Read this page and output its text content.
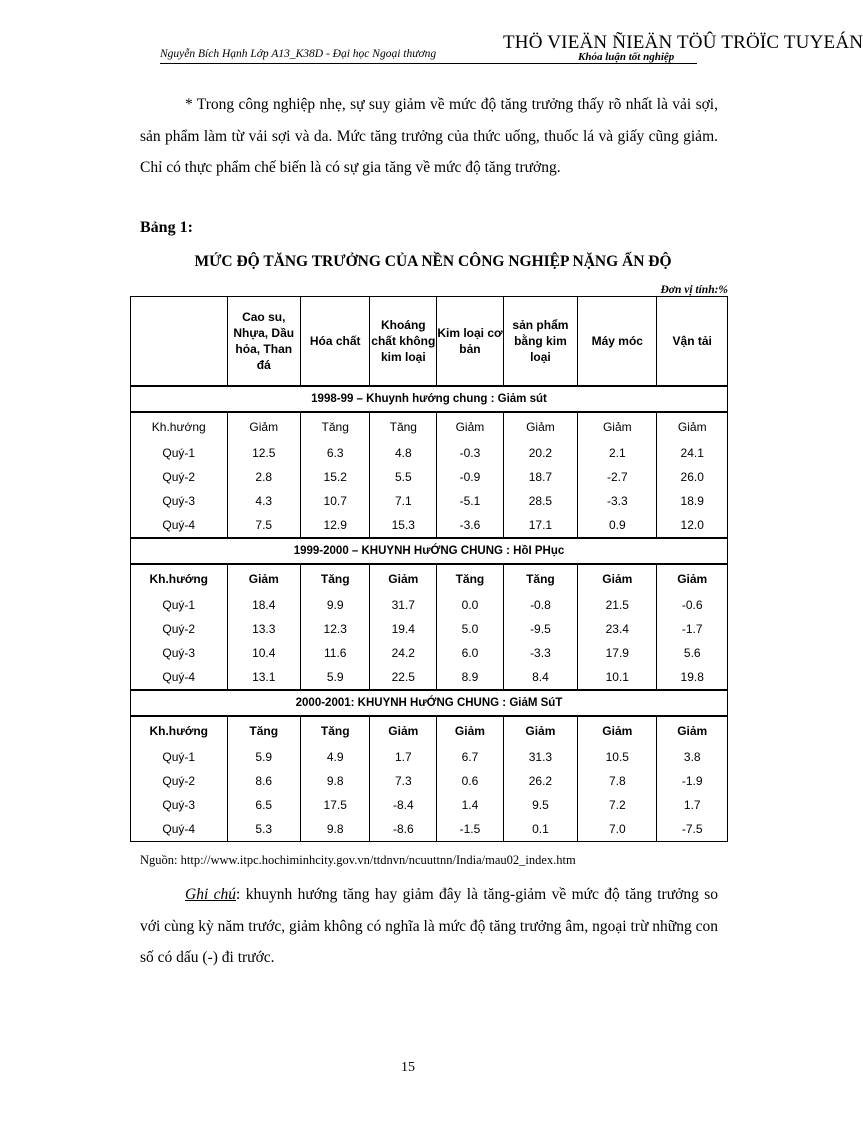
Nguyễn Bích Hạnh Lớp A13_K38D - Đại học Ngoại thương
THÖ VIEÄN ÑIEÄN TÖÛ TRÖÏC TUYEÁN
Khóa luận tốt nghiệp
* Trong công nghiệp nhẹ, sự suy giảm về mức độ tăng trưởng thấy rõ nhất là vải sợi, sản phẩm làm từ vải sợi và da. Mức tăng trưởng của thức uống, thuốc lá và giấy cũng giảm. Chỉ có thực phẩm chế biến là có sự gia tăng về mức độ tăng trưởng.
Bảng 1:
MỨC ĐỘ TĂNG TRƯỞNG CỦA NỀN CÔNG NGHIỆP NẶNG ẤN ĐỘ
Đơn vị tính:%
	Cao su, Nhựa, Dầu hỏa, Than đá	Hóa chất	Khoáng chất không kim loại	Kim loại cơ bản	sản phẩm bằng kim loại	Máy móc	Vận tải
1998-99 – Khuynh hướng chung : Giảm sút							
Kh.hướng	Giảm	Tăng	Tăng	Giảm	Giảm	Giảm	Giảm
Quý-1	12.5	6.3	4.8	-0.3	20.2	2.1	24.1
Quý-2	2.8	15.2	5.5	-0.9	18.7	-2.7	26.0
Quý-3	4.3	10.7	7.1	-5.1	28.5	-3.3	18.9
Quý-4	7.5	12.9	15.3	-3.6	17.1	0.9	12.0
1999-2000 – KHUYNH HưỚNG CHUNG : HồI PHục							
Kh.hướng	Giảm	Tăng	Giảm	Tăng	Tăng	Giảm	Giảm
Quý-1	18.4	9.9	31.7	0.0	-0.8	21.5	-0.6
Quý-2	13.3	12.3	19.4	5.0	-9.5	23.4	-1.7
Quý-3	10.4	11.6	24.2	6.0	-3.3	17.9	5.6
Quý-4	13.1	5.9	22.5	8.9	8.4	10.1	19.8
2000-2001: KHUYNH HưỚNG CHUNG : GiảM SúT							
Kh.hướng	Tăng	Tăng	Giảm	Giảm	Giảm	Giảm	Giảm
Quý-1	5.9	4.9	1.7	6.7	31.3	10.5	3.8
Quý-2	8.6	9.8	7.3	0.6	26.2	7.8	-1.9
Quý-3	6.5	17.5	-8.4	1.4	9.5	7.2	1.7
Quý-4	5.3	9.8	-8.6	-1.5	0.1	7.0	-7.5
Nguồn: http://www.itpc.hochiminhcity.gov.vn/ttdnvn/ncuuttnn/India/mau02_index.htm
Ghi chú: khuynh hướng tăng hay giảm đây là tăng-giảm về mức độ tăng trưởng so với cùng kỳ năm trước, giảm không có nghĩa là mức độ tăng trưởng âm, ngoại trừ những con số có dấu (-) đi trước.
15
